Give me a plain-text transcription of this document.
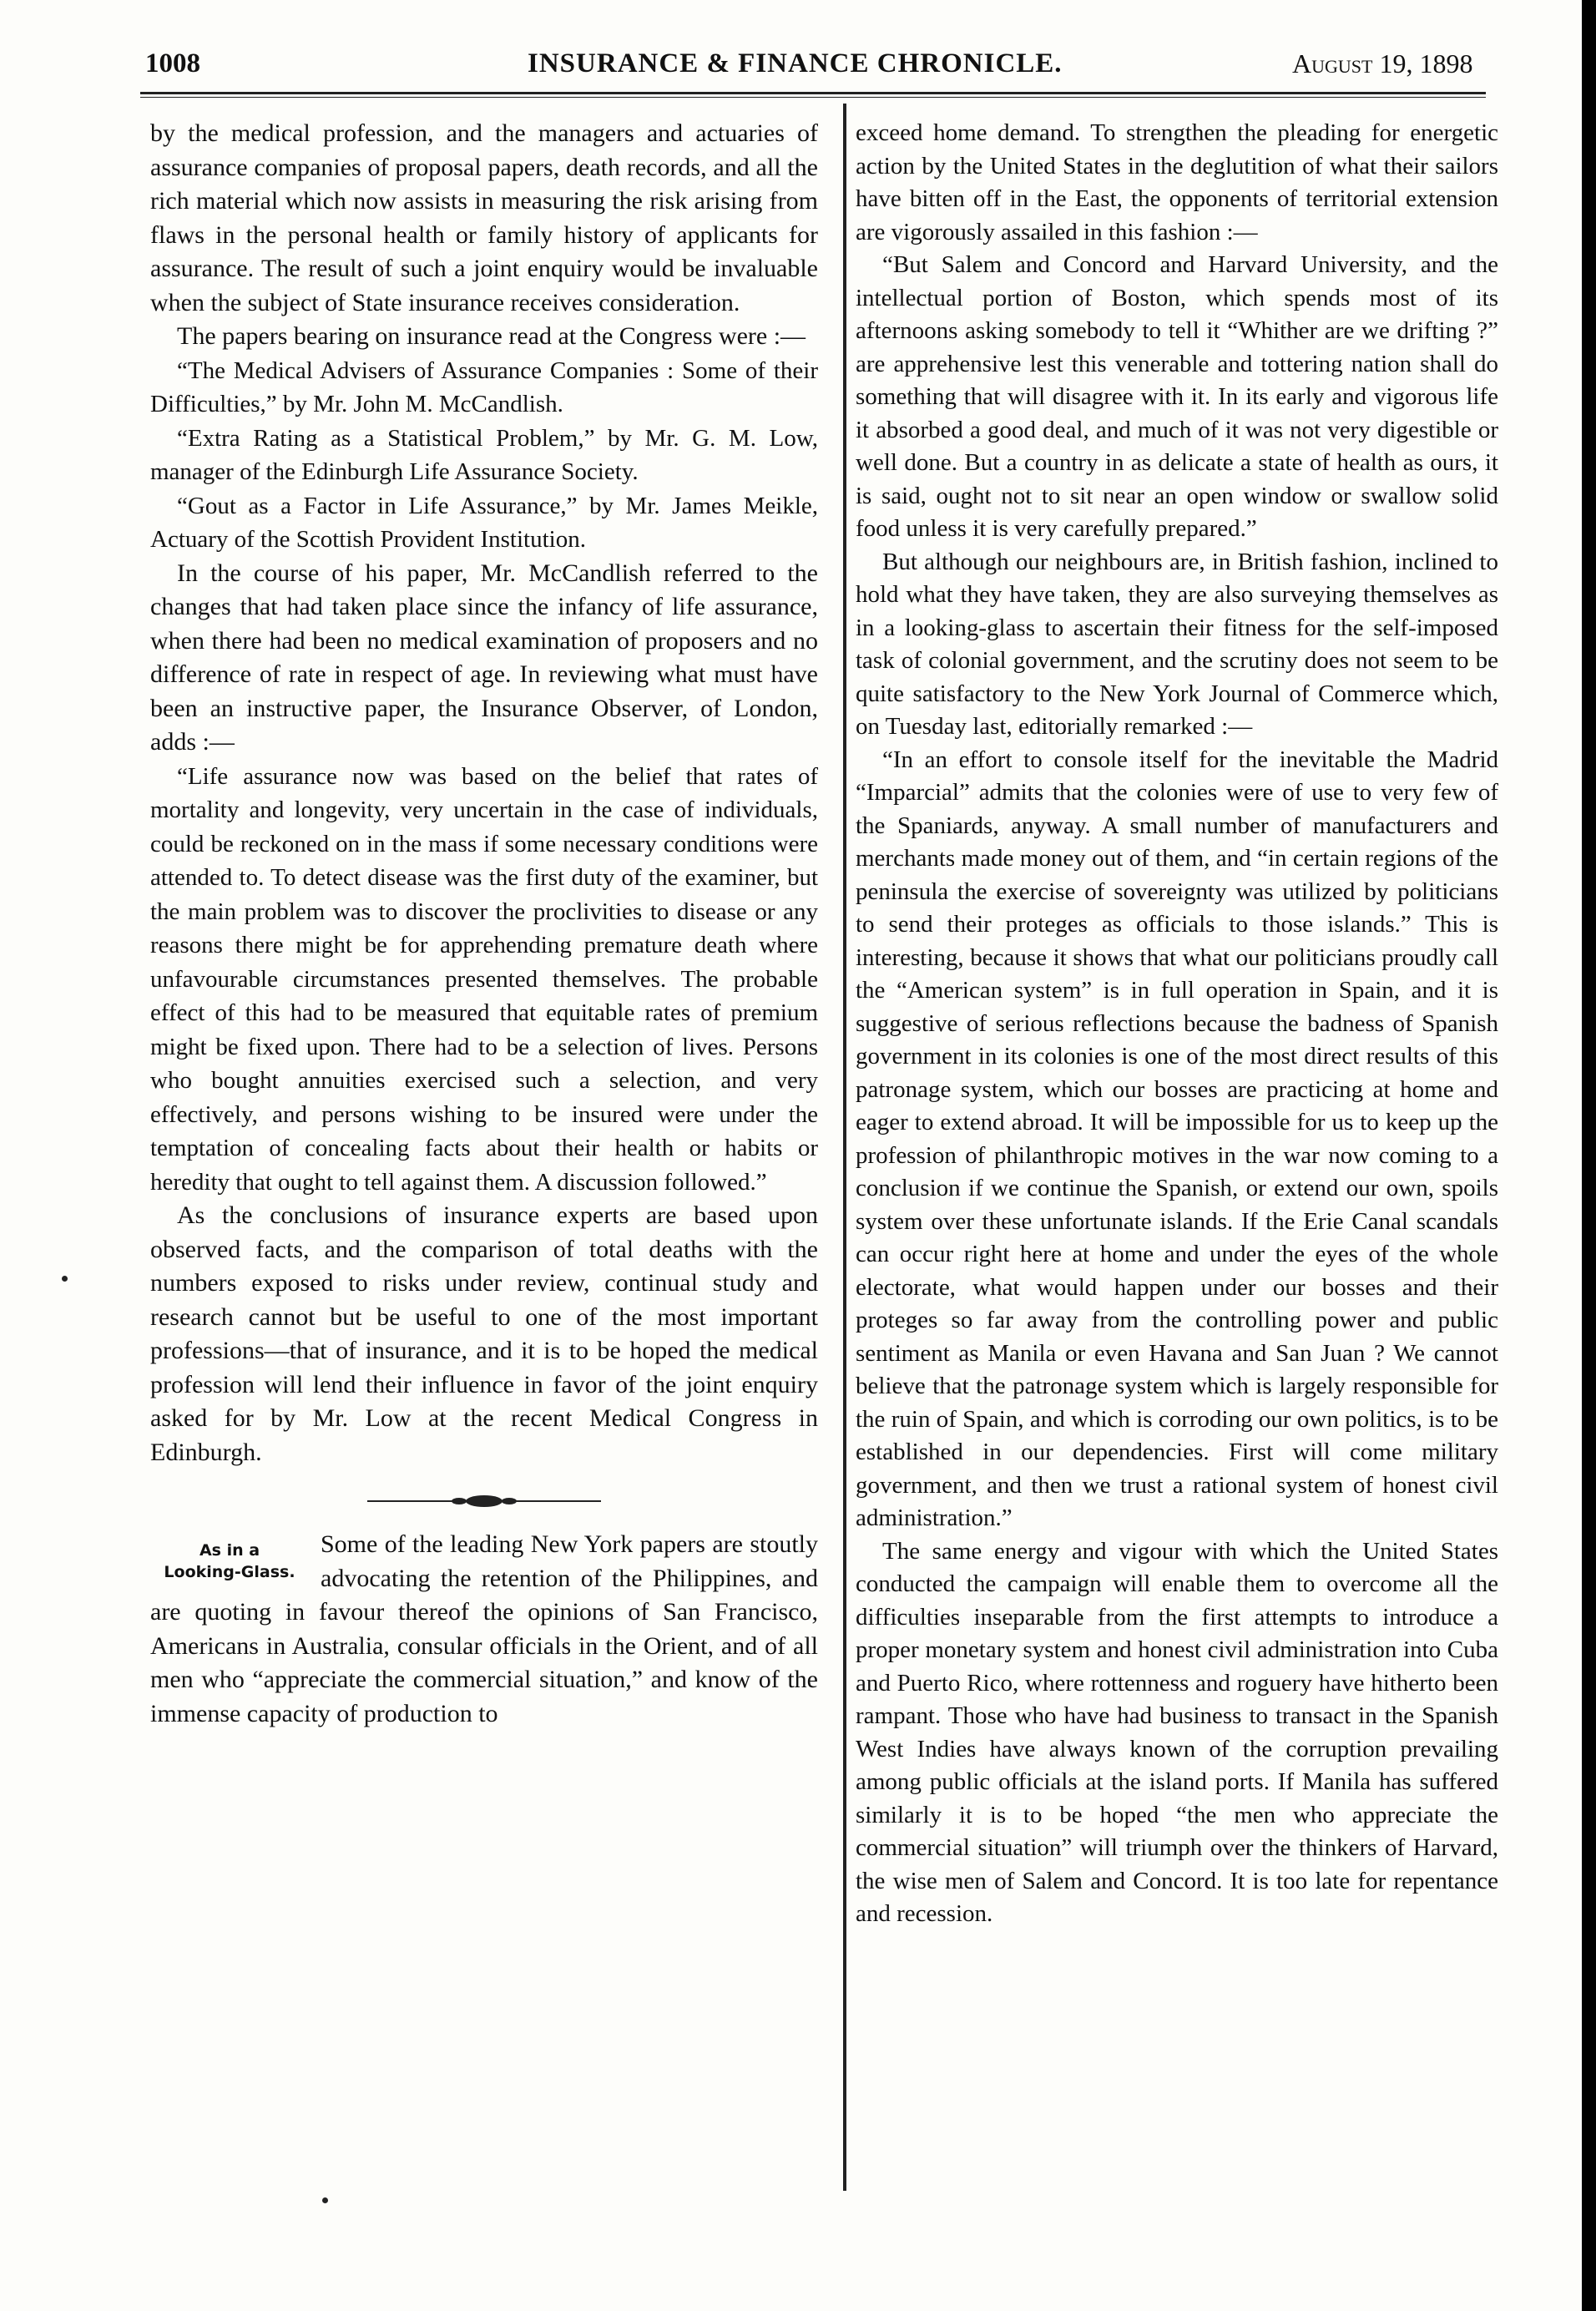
1008	INSURANCE & FINANCE CHRONICLE.	August 19, 1898

by the medical profession, and the managers and actuaries of assurance companies of proposal papers, death records, and all the rich material which now assists in measuring the risk arising from flaws in the personal health or family history of applicants for assurance. The result of such a joint enquiry would be invaluable when the subject of State insurance receives consideration.

The papers bearing on insurance read at the Congress were :—

“The Medical Advisers of Assurance Companies : Some of their Difficulties,” by Mr. John M. McCandlish.

“Extra Rating as a Statistical Problem,” by Mr. G. M. Low, manager of the Edinburgh Life Assurance Society.

“Gout as a Factor in Life Assurance,” by Mr. James Meikle, Actuary of the Scottish Provident Institution.

In the course of his paper, Mr. McCandlish referred to the changes that had taken place since the infancy of life assurance, when there had been no medical examination of proposers and no difference of rate in respect of age. In reviewing what must have been an instructive paper, the Insurance Observer, of London, adds :—

“Life assurance now was based on the belief that rates of mortality and longevity, very uncertain in the case of individuals, could be reckoned on in the mass if some necessary conditions were attended to. To detect disease was the first duty of the examiner, but the main problem was to discover the proclivities to disease or any reasons there might be for apprehending premature death where unfavourable circumstances presented themselves. The probable effect of this had to be measured that equitable rates of premium might be fixed upon. There had to be a selection of lives. Persons who bought annuities exercised such a selection, and very effectively, and persons wishing to be insured were under the temptation of concealing facts about their health or habits or heredity that ought to tell against them. A discussion followed.”

As the conclusions of insurance experts are based upon observed facts, and the comparison of total deaths with the numbers exposed to risks under review, continual study and research cannot but be useful to one of the most important professions—that of insurance, and it is to be hoped the medical profession will lend their influence in favor of the joint enquiry asked for by Mr. Low at the recent Medical Congress in Edinburgh.

As in a
Looking-Glass.

Some of the leading New York papers are stoutly advocating the retention of the Philippines, and are quoting in favour thereof the opinions of San Francisco, Americans in Australia, consular officials in the Orient, and of all men who “appreciate the commercial situation,” and know of the immense capacity of production to

exceed home demand. To strengthen the pleading for energetic action by the United States in the deglutition of what their sailors have bitten off in the East, the opponents of territorial extension are vigorously assailed in this fashion :—

“But Salem and Concord and Harvard University, and the intellectual portion of Boston, which spends most of its afternoons asking somebody to tell it “Whither are we drifting ?” are apprehensive lest this venerable and tottering nation shall do something that will disagree with it. In its early and vigorous life it absorbed a good deal, and much of it was not very digestible or well done. But a country in as delicate a state of health as ours, it is said, ought not to sit near an open window or swallow solid food unless it is very carefully prepared.”

But although our neighbours are, in British fashion, inclined to hold what they have taken, they are also surveying themselves as in a looking-glass to ascertain their fitness for the self-imposed task of colonial government, and the scrutiny does not seem to be quite satisfactory to the New York Journal of Commerce which, on Tuesday last, editorially remarked :—

“In an effort to console itself for the inevitable the Madrid “Imparcial” admits that the colonies were of use to very few of the Spaniards, anyway. A small number of manufacturers and merchants made money out of them, and “in certain regions of the peninsula the exercise of sovereignty was utilized by politicians to send their proteges as officials to those islands.” This is interesting, because it shows that what our politicians proudly call the “American system” is in full operation in Spain, and it is suggestive of serious reflections because the badness of Spanish government in its colonies is one of the most direct results of this patronage system, which our bosses are practicing at home and eager to extend abroad. It will be impossible for us to keep up the profession of philanthropic motives in the war now coming to a conclusion if we continue the Spanish, or extend our own, spoils system over these unfortunate islands. If the Erie Canal scandals can occur right here at home and under the eyes of the whole electorate, what would happen under our bosses and their proteges so far away from the controlling power and public sentiment as Manila or even Havana and San Juan ? We cannot believe that the patronage system which is largely responsible for the ruin of Spain, and which is corroding our own politics, is to be established in our dependencies. First will come military government, and then we trust a rational system of honest civil administration.”

The same energy and vigour with which the United States conducted the campaign will enable them to overcome all the difficulties inseparable from the first attempts to introduce a proper monetary system and honest civil administration into Cuba and Puerto Rico, where rottenness and roguery have hitherto been rampant. Those who have had business to transact in the Spanish West Indies have always known of the corruption prevailing among public officials at the island ports. If Manila has suffered similarly it is to be hoped “the men who appreciate the commercial situation” will triumph over the thinkers of Harvard, the wise men of Salem and Concord. It is too late for repentance and recession.
